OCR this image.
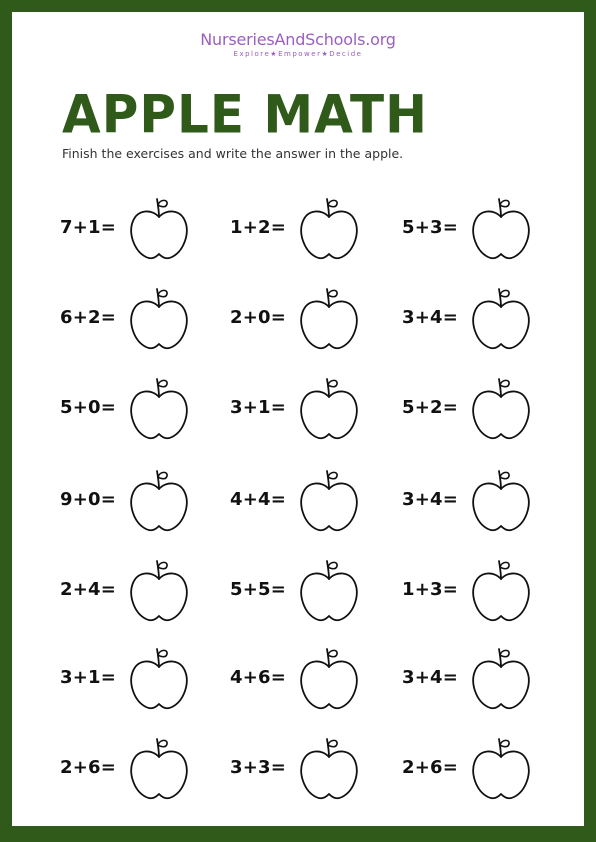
NurseriesAndSchools.org
Explore★Empower★Decide
APPLE MATH
Finish the exercises and write the answer in the apple.
7+1=	1+2=	5+3=
6+2=	2+0=	3+4=
5+0=	3+1=	5+2=
9+0=	4+4=	3+4=
2+4=	5+5=	1+3=
3+1=	4+6=	3+4=
2+6=	3+3=	2+6=
